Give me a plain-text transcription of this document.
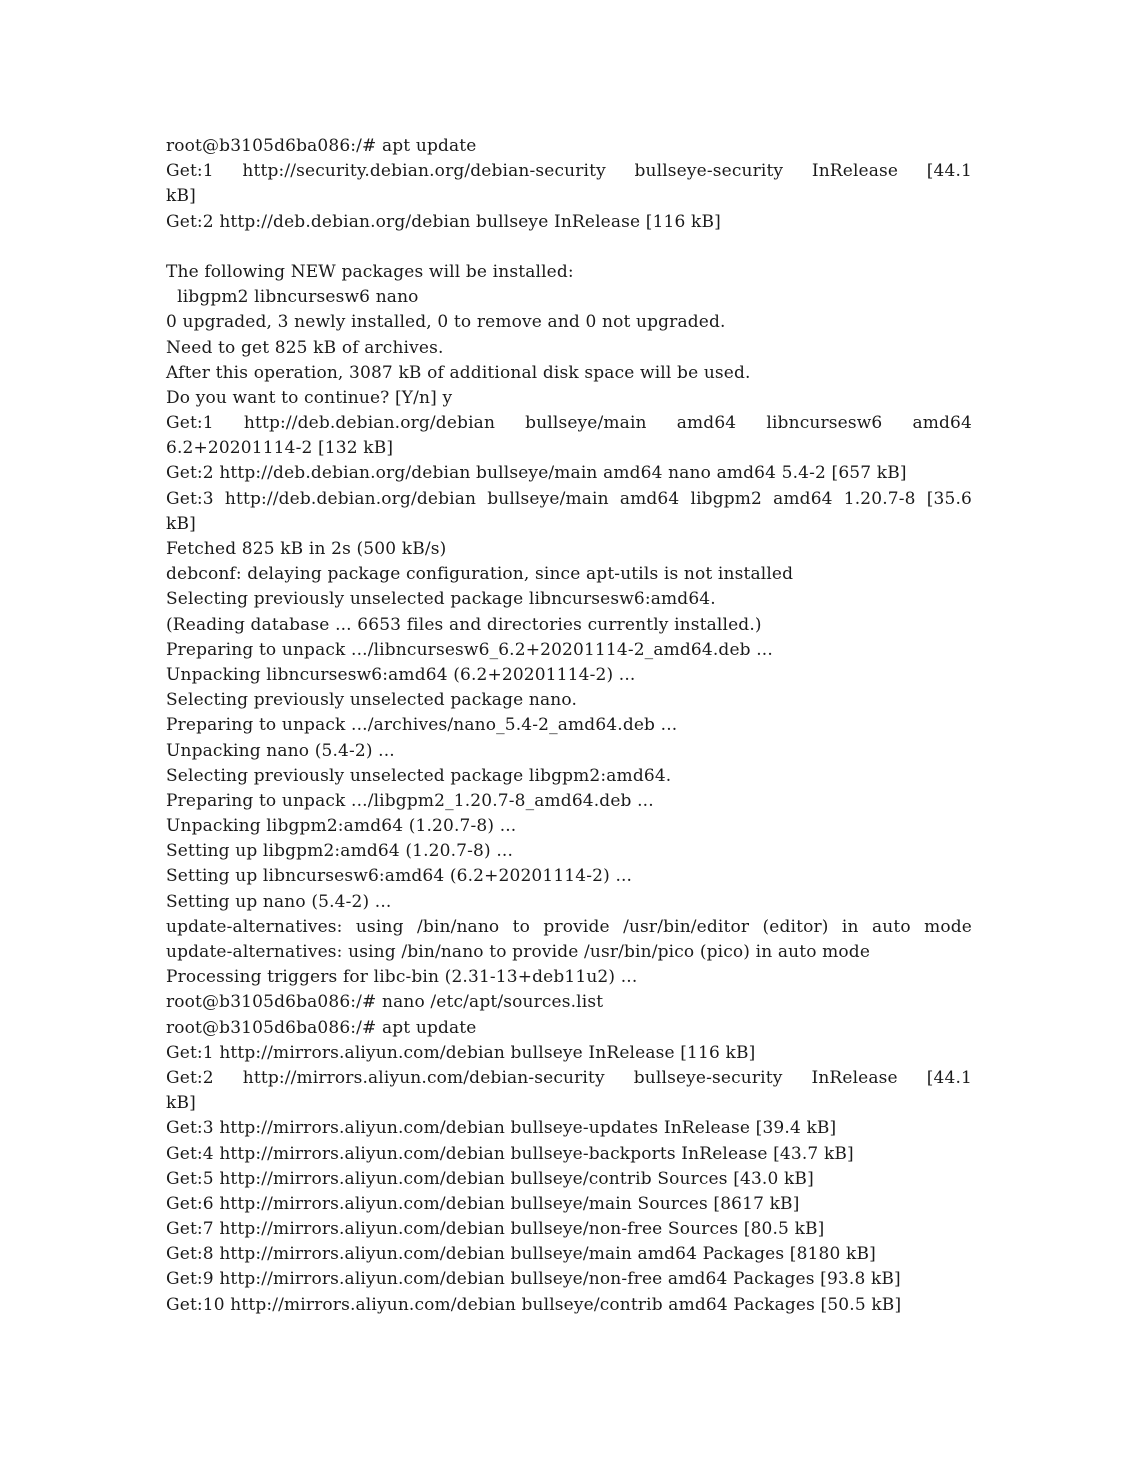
root@b3105d6ba086:/# apt update
Get:1 http://security.debian.org/debian-security bullseye-security InRelease [44.1
kB]
Get:2 http://deb.debian.org/debian bullseye InRelease [116 kB]
The following NEW packages will be installed:
libgpm2 libncursesw6 nano
0 upgraded, 3 newly installed, 0 to remove and 0 not upgraded.
Need to get 825 kB of archives.
After this operation, 3087 kB of additional disk space will be used.
Do you want to continue? [Y/n] y
Get:1 http://deb.debian.org/debian bullseye/main amd64 libncursesw6 amd64
6.2+20201114-2 [132 kB]
Get:2 http://deb.debian.org/debian bullseye/main amd64 nano amd64 5.4-2 [657 kB]
Get:3 http://deb.debian.org/debian bullseye/main amd64 libgpm2 amd64 1.20.7-8 [35.6
kB]
Fetched 825 kB in 2s (500 kB/s)
debconf: delaying package configuration, since apt-utils is not installed
Selecting previously unselected package libncursesw6:amd64.
(Reading database ... 6653 files and directories currently installed.)
Preparing to unpack .../libncursesw6_6.2+20201114-2_amd64.deb ...
Unpacking libncursesw6:amd64 (6.2+20201114-2) ...
Selecting previously unselected package nano.
Preparing to unpack .../archives/nano_5.4-2_amd64.deb ...
Unpacking nano (5.4-2) ...
Selecting previously unselected package libgpm2:amd64.
Preparing to unpack .../libgpm2_1.20.7-8_amd64.deb ...
Unpacking libgpm2:amd64 (1.20.7-8) ...
Setting up libgpm2:amd64 (1.20.7-8) ...
Setting up libncursesw6:amd64 (6.2+20201114-2) ...
Setting up nano (5.4-2) ...
update-alternatives: using /bin/nano to provide /usr/bin/editor (editor) in auto mode
update-alternatives: using /bin/nano to provide /usr/bin/pico (pico) in auto mode
Processing triggers for libc-bin (2.31-13+deb11u2) ...
root@b3105d6ba086:/# nano /etc/apt/sources.list
root@b3105d6ba086:/# apt update
Get:1 http://mirrors.aliyun.com/debian bullseye InRelease [116 kB]
Get:2 http://mirrors.aliyun.com/debian-security bullseye-security InRelease [44.1
kB]
Get:3 http://mirrors.aliyun.com/debian bullseye-updates InRelease [39.4 kB]
Get:4 http://mirrors.aliyun.com/debian bullseye-backports InRelease [43.7 kB]
Get:5 http://mirrors.aliyun.com/debian bullseye/contrib Sources [43.0 kB]
Get:6 http://mirrors.aliyun.com/debian bullseye/main Sources [8617 kB]
Get:7 http://mirrors.aliyun.com/debian bullseye/non-free Sources [80.5 kB]
Get:8 http://mirrors.aliyun.com/debian bullseye/main amd64 Packages [8180 kB]
Get:9 http://mirrors.aliyun.com/debian bullseye/non-free amd64 Packages [93.8 kB]
Get:10 http://mirrors.aliyun.com/debian bullseye/contrib amd64 Packages [50.5 kB]
